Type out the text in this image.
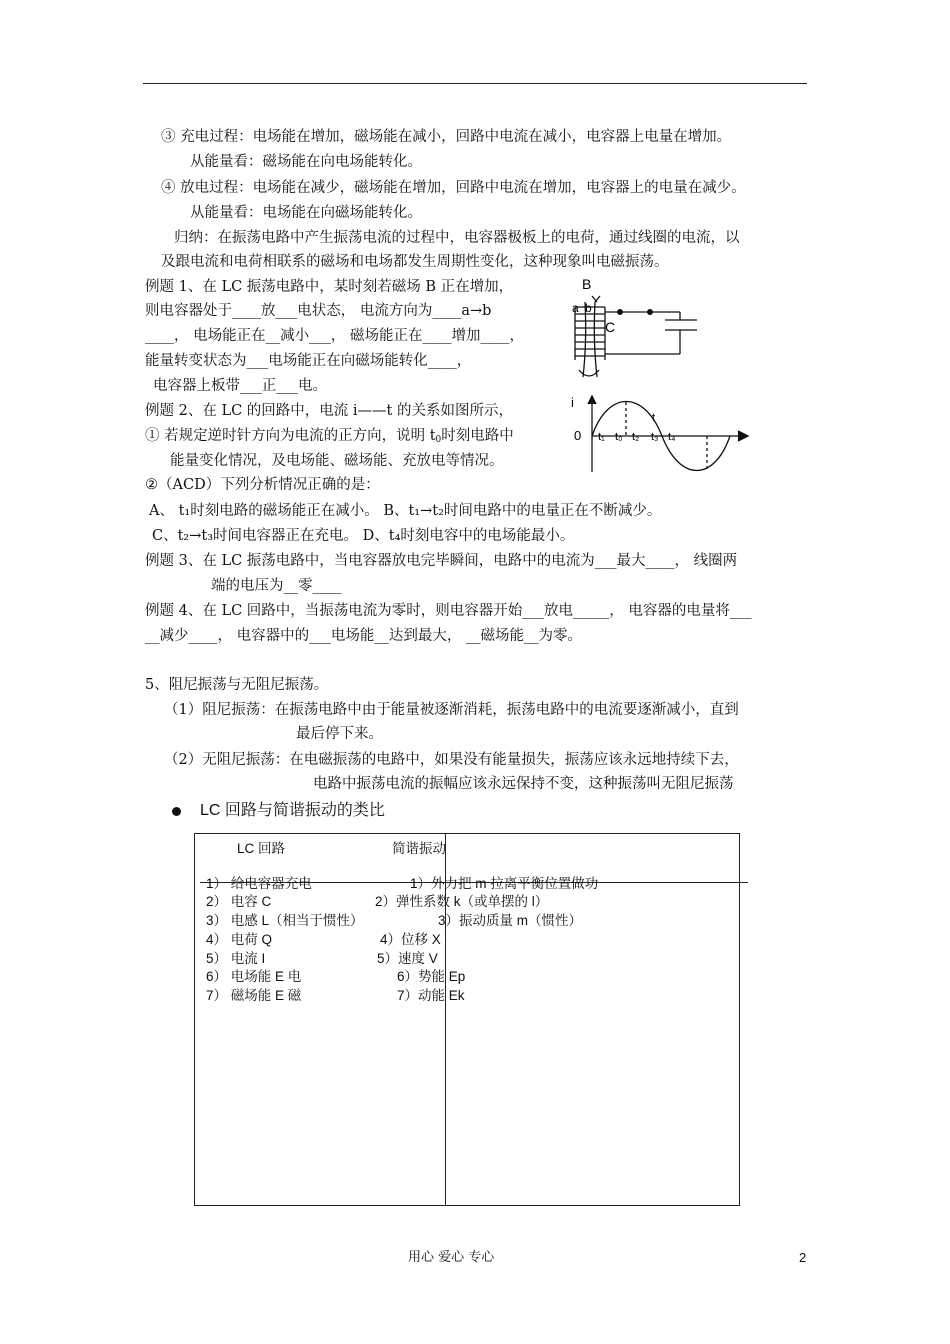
③ 充电过程：电场能在增加，磁场能在减小，回路中电流在减小，电容器上电量在增加。
从能量看：磁场能在向电场能转化。
④ 放电过程：电场能在减少，磁场能在增加，回路中电流在增加，电容器上的电量在减少。
从能量看：电场能在向磁场能转化。
归纳：在振荡电路中产生振荡电流的过程中，电容器极板上的电荷，通过线圈的电流，以
及跟电流和电荷相联系的磁场和电场都发生周期性变化，这种现象叫电磁振荡。
例题 1、在 LC 振荡电路中，某时刻若磁场 B 正在增加，
则电容器处于____放___电状态， 电流方向为____a→b
____， 电场能正在__减小___， 磁场能正在____增加____，
能量转变状态为___电场能正在向磁场能转化____，
电容器上板带___正___电。
B
a b
C
例题 2、在 LC 的回路中，电流 i——t 的关系如图所示，
① 若规定逆时针方向为电流的正方向，说明 $t_0$时刻电路中
能量变化情况，及电场能、磁场能、充放电等情况。
②（ACD）下列分析情况正确的是：
i
0
t
t₁ t₀ t₂ t₃ t₄
A、 t₁时刻电路的磁场能正在减小。 B、t₁→t₂时间电路中的电量正在不断减少。
C、t₂→t₃时间电容器正在充电。 D、t₄时刻电容中的电场能最小。
例题 3、在 LC 振荡电路中，当电容器放电完毕瞬间，电路中的电流为___最大____， 线圈两
端的电压为__零____
例题 4、在 LC 回路中，当振荡电流为零时，则电容器开始___放电_____， 电容器的电量将___
__减少____， 电容器中的___电场能__达到最大， __磁场能__为零。
5、阻尼振荡与无阻尼振荡。
（1）阻尼振荡：在振荡电路中由于能量被逐渐消耗，振荡电路中的电流要逐渐减小，直到
最后停下来。
（2）无阻尼振荡：在电磁振荡的电路中，如果没有能量损失，振荡应该永远地持续下去，
电路中振荡电流的振幅应该永远保持不变，这种振荡叫无阻尼振荡
LC 回路与简谐振动的类比
LC 回路	简谐振动
1） 给电容器充电
2） 电容 C
3） 电感 L（相当于惯性）
4） 电荷 Q
5） 电流 I
6） 电场能 E 电
7） 磁场能 E 磁
1）外力把 m 拉离平衡位置做功
2）弹性系数 k（或单摆的 l）
3）振动质量 m（惯性）
4）位移 X
5）速度 V
6）势能 Ep
7）动能 Ek
用心 爱心 专心	2
